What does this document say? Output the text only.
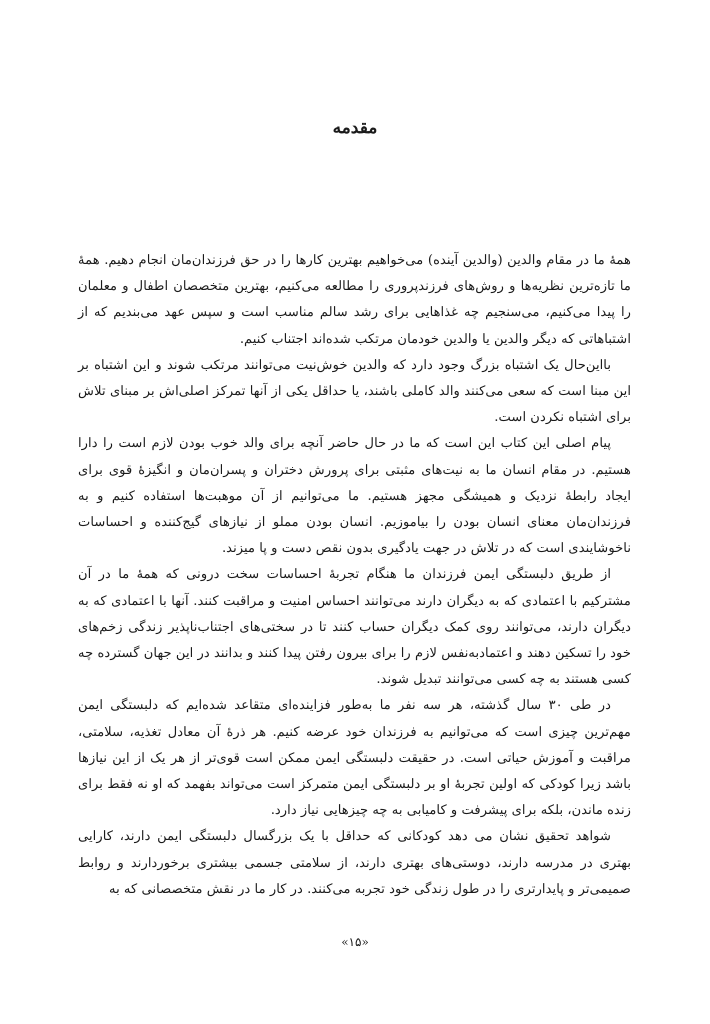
مقدمه

همهٔ ما در مقام والدین (والدین آینده) می‌خواهیم بهترین کارها را در حق فرزندان‌مان انجام دهیم. همهٔ ما تازه‌ترین نظریه‌ها و روش‌های فرزندپروری را مطالعه می‌کنیم، بهترین متخصصان اطفال و معلمان را پیدا می‌کنیم، می‌سنجیم چه غذاهایی برای رشد سالم مناسب است و سپس عهد می‌بندیم که از اشتباهاتی که دیگر والدین یا والدین خودمان مرتکب شده‌اند اجتناب کنیم.

بااین‌حال یک اشتباه بزرگ وجود دارد که والدین خوش‌نیت می‌توانند مرتکب شوند و این اشتباه بر این مبنا است که سعی می‌کنند والد کاملی باشند، یا حداقل یکی از آنها تمرکز اصلی‌اش بر مبنای تلاش برای اشتباه نکردن است.

پیام اصلی این کتاب این است که ما در حال حاضر آنچه برای والد خوب بودن لازم است را دارا هستیم. در مقام انسان ما به نیت‌های مثبتی برای پرورش دختران و پسران‌مان و انگیزهٔ قوی برای ایجاد رابطهٔ نزدیک و همیشگی مجهز هستیم. ما می‌توانیم از آن موهبت‌ها استفاده کنیم و به فرزندان‌مان معنای انسان بودن را بیاموزیم. انسان بودن مملو از نیازهای گیج‌کننده و احساسات ناخوشایندی است که در تلاش در جهت یادگیری بدون نقص دست و پا میزند.

از طریق دلبستگی ایمن فرزندان ما هنگام تجربهٔ احساسات سخت درونی که همهٔ ما در آن مشترکیم با اعتمادی که به دیگران دارند می‌توانند احساس امنیت و مراقبت کنند. آنها با اعتمادی که به دیگران دارند، می‌توانند روی کمک دیگران حساب کنند تا در سختی‌های اجتناب‌ناپذیر زندگی زخم‌های خود را تسکین دهند و اعتمادبه‌نفس لازم را برای بیرون رفتن پیدا کنند و بدانند در این جهان گسترده چه کسی هستند به چه کسی می‌توانند تبدیل شوند.

در طی ۳۰ سال گذشته، هر سه نفر ما به‌طور فزاینده‌ای متقاعد شده‌ایم که دلبستگی ایمن مهم‌ترین چیزی است که می‌توانیم به فرزندان خود عرضه کنیم. هر ذرهٔ آن معادل تغذیه، سلامتی، مراقبت و آموزش حیاتی است. در حقیقت دلبستگی ایمن ممکن است قوی‌تر از هر یک از این نیازها باشد زیرا کودکی که اولین تجربهٔ او بر دلبستگی ایمن متمرکز است می‌تواند بفهمد که او نه فقط برای زنده ماندن، بلکه برای پیشرفت و کامیابی به چه چیزهایی نیاز دارد.

شواهد تحقیق نشان می دهد کودکانی که حداقل با یک بزرگسال دلبستگی ایمن دارند، کارایی بهتری در مدرسه دارند، دوستی‌های بهتری دارند، از سلامتی جسمی بیشتری برخوردارند و روابط صمیمی‌تر و پایدارتری را در طول زندگی خود تجربه می‌کنند. در کار ما در نقش متخصصانی که به

«۱۵»
